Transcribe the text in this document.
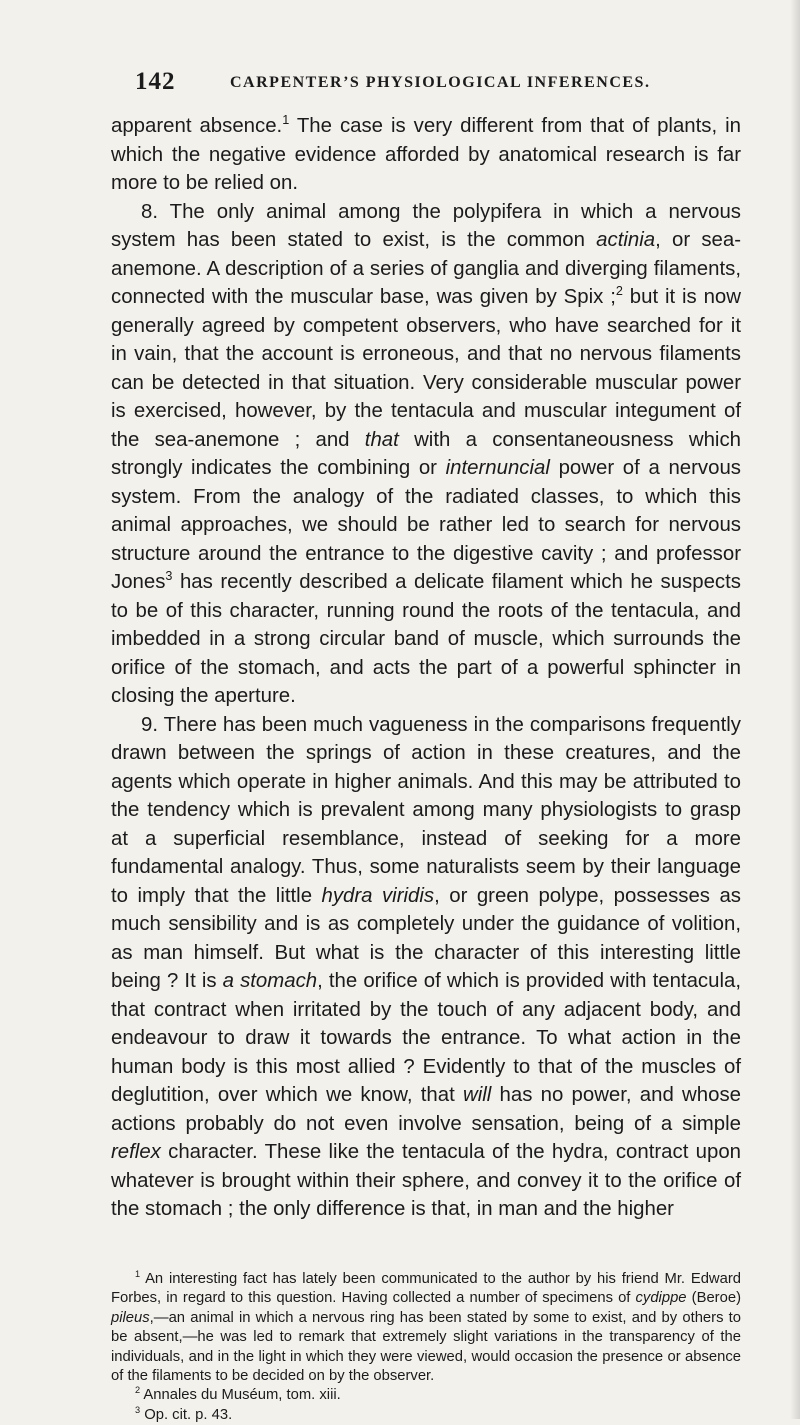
142	CARPENTER’S PHYSIOLOGICAL INFERENCES.

apparent absence.$^1$ The case is very different from that of plants, in which the negative evidence afforded by anatomical research is far more to be relied on.

8. The only animal among the polypifera in which a nervous system has been stated to exist, is the common actinia, or sea-anemone. A description of a series of ganglia and diverging filaments, connected with the muscular base, was given by Spix ;$^2$ but it is now generally agreed by competent observers, who have searched for it in vain, that the account is erroneous, and that no nervous filaments can be detected in that situation. Very considerable muscular power is exercised, however, by the tentacula and muscular integument of the sea-anemone ; and that with a consentaneousness which strongly indicates the combining or internuncial power of a nervous system. From the analogy of the radiated classes, to which this animal approaches, we should be rather led to search for nervous structure around the entrance to the digestive cavity ; and professor Jones$^3$ has recently described a delicate filament which he suspects to be of this character, running round the roots of the tentacula, and imbedded in a strong circular band of muscle, which surrounds the orifice of the stomach, and acts the part of a powerful sphincter in closing the aperture.

9. There has been much vagueness in the comparisons frequently drawn between the springs of action in these creatures, and the agents which operate in higher animals. And this may be attributed to the tendency which is prevalent among many physiologists to grasp at a superficial resemblance, instead of seeking for a more fundamental analogy. Thus, some naturalists seem by their language to imply that the little hydra viridis, or green polype, possesses as much sensibility and is as completely under the guidance of volition, as man himself. But what is the character of this interesting little being ? It is a stomach, the orifice of which is provided with tentacula, that contract when irritated by the touch of any adjacent body, and endeavour to draw it towards the entrance. To what action in the human body is this most allied ? Evidently to that of the muscles of deglutition, over which we know, that will has no power, and whose actions probably do not even involve sensation, being of a simple reflex character. These like the tentacula of the hydra, contract upon whatever is brought within their sphere, and convey it to the orifice of the stomach ; the only difference is that, in man and the higher

$^1$ An interesting fact has lately been communicated to the author by his friend Mr. Edward Forbes, in regard to this question. Having collected a number of specimens of cydippe (Beroe) pileus,—an animal in which a nervous ring has been stated by some to exist, and by others to be absent,—he was led to remark that extremely slight variations in the transparency of the individuals, and in the light in which they were viewed, would occasion the presence or absence of the filaments to be decided on by the observer.

$^2$ Annales du Muséum, tom. xiii.

$^3$ Op. cit. p. 43.
